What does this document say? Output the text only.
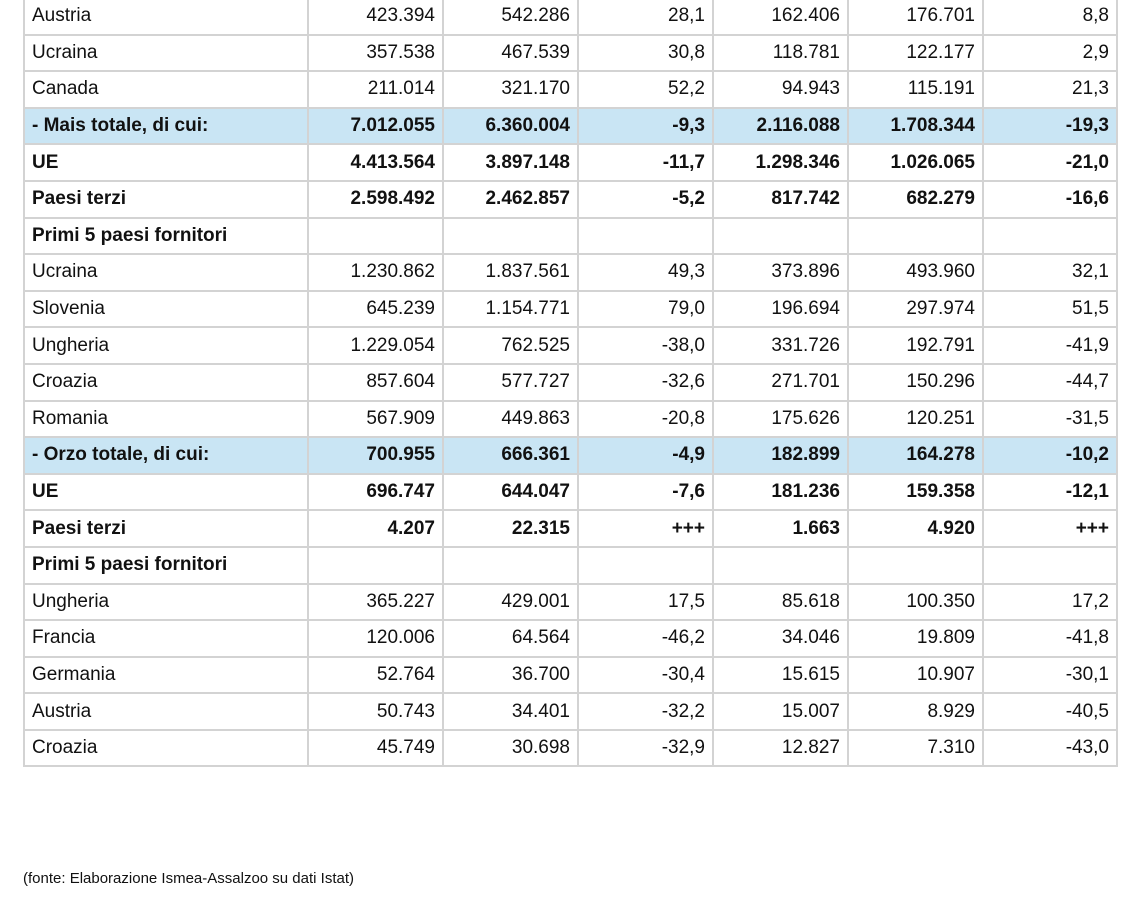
Austria	423.394	542.286	28,1	162.406	176.701	8,8
Ucraina	357.538	467.539	30,8	118.781	122.177	2,9
Canada	211.014	321.170	52,2	94.943	115.191	21,3
- Mais totale, di cui:	7.012.055	6.360.004	-9,3	2.116.088	1.708.344	-19,3
UE	4.413.564	3.897.148	-11,7	1.298.346	1.026.065	-21,0
Paesi terzi	2.598.492	2.462.857	-5,2	817.742	682.279	-16,6
Primi 5 paesi fornitori						
Ucraina	1.230.862	1.837.561	49,3	373.896	493.960	32,1
Slovenia	645.239	1.154.771	79,0	196.694	297.974	51,5
Ungheria	1.229.054	762.525	-38,0	331.726	192.791	-41,9
Croazia	857.604	577.727	-32,6	271.701	150.296	-44,7
Romania	567.909	449.863	-20,8	175.626	120.251	-31,5
- Orzo totale, di cui:	700.955	666.361	-4,9	182.899	164.278	-10,2
UE	696.747	644.047	-7,6	181.236	159.358	-12,1
Paesi terzi	4.207	22.315	+++	1.663	4.920	+++
Primi 5 paesi fornitori						
Ungheria	365.227	429.001	17,5	85.618	100.350	17,2
Francia	120.006	64.564	-46,2	34.046	19.809	-41,8
Germania	52.764	36.700	-30,4	15.615	10.907	-30,1
Austria	50.743	34.401	-32,2	15.007	8.929	-40,5
Croazia	45.749	30.698	-32,9	12.827	7.310	-43,0
(fonte: Elaborazione Ismea-Assalzoo su dati Istat)
